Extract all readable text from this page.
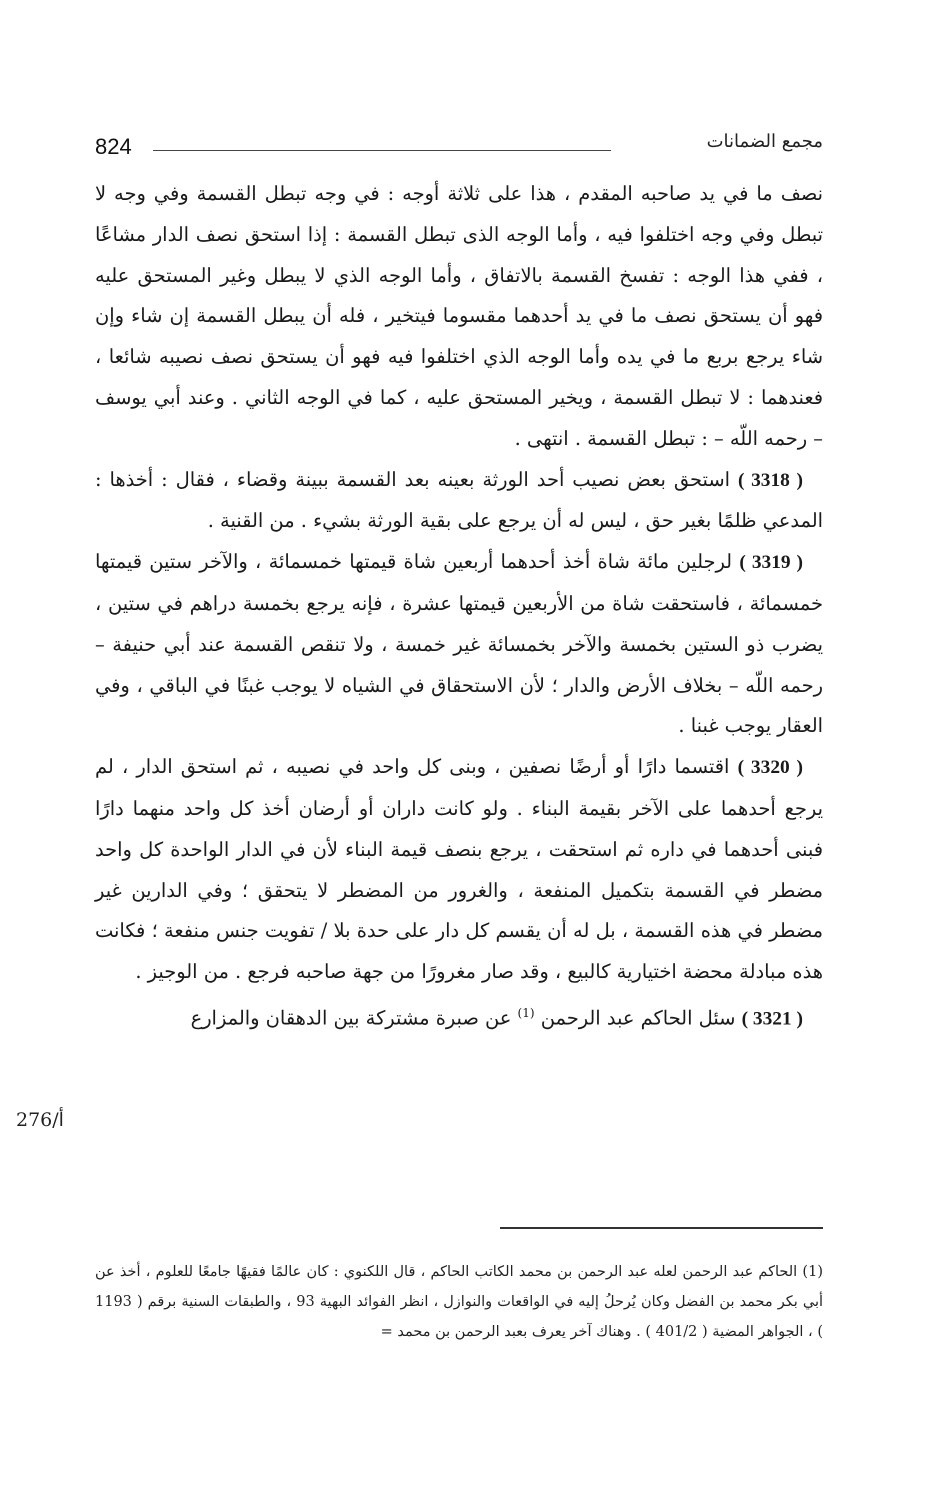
824	مجمع الضمانات

نصف ما في يد صاحبه المقدم ، هذا على ثلاثة أوجه : في وجه تبطل القسمة وفي وجه لا تبطل وفي وجه اختلفوا فيه ، وأما الوجه الذى تبطل القسمة : إذا استحق نصف الدار مشاعًا ، ففي هذا الوجه : تفسخ القسمة بالاتفاق ، وأما الوجه الذي لا يبطل وغير المستحق عليه فهو أن يستحق نصف ما في يد أحدهما مقسوما فيتخير ، فله أن يبطل القسمة إن شاء وإن شاء يرجع بربع ما في يده وأما الوجه الذي اختلفوا فيه فهو أن يستحق نصف نصيبه شائعا ، فعندهما : لا تبطل القسمة ، ويخير المستحق عليه ، كما في الوجه الثاني . وعند أبي يوسف – رحمه اللّه – : تبطل القسمة . انتهى .

( 3318 ) استحق بعض نصيب أحد الورثة بعينه بعد القسمة ببينة وقضاء ، فقال : أخذها : المدعي ظلمًا بغير حق ، ليس له أن يرجع على بقية الورثة بشيء . من القنية .

( 3319 ) لرجلين مائة شاة أخذ أحدهما أربعين شاة قيمتها خمسمائة ، والآخر ستين قيمتها خمسمائة ، فاستحقت شاة من الأربعين قيمتها عشرة ، فإنه يرجع بخمسة دراهم في ستين ، يضرب ذو الستين بخمسة والآخر بخمسائة غير خمسة ، ولا تنقص القسمة عند أبي حنيفة – رحمه اللّه – بخلاف الأرض والدار ؛ لأن الاستحقاق في الشياه لا يوجب غبنًا في الباقي ، وفي العقار يوجب غبنا .

( 3320 ) اقتسما دارًا أو أرضًا نصفين ، وبنى كل واحد في نصيبه ، ثم استحق الدار ، لم يرجع أحدهما على الآخر بقيمة البناء . ولو كانت داران أو أرضان أخذ كل واحد منهما دارًا فبنى أحدهما في داره ثم استحقت ، يرجع بنصف قيمة البناء لأن في الدار الواحدة كل واحد مضطر في القسمة بتكميل المنفعة ، والغرور من المضطر لا يتحقق ؛ وفي الدارين غير مضطر في هذه القسمة ، بل له أن يقسم كل دار على حدة بلا / تفويت جنس منفعة ؛ فكانت هذه مبادلة محضة اختيارية كالبيع ، وقد صار مغرورًا من جهة صاحبه فرجع . من الوجيز .

( 3321 ) سئل الحاكم عبد الرحمن $^{(1)}$ عن صبرة مشتركة بين الدهقان والمزارع

276/أ

(1) الحاكم عبد الرحمن لعله عبد الرحمن بن محمد الكاتب الحاكم ، قال اللكنوي : كان عالمًا فقيهًا جامعًا للعلوم ، أخذ عن أبي بكر محمد بن الفضل وكان يُرحلُ إليه في الواقعات والنوازل ، انظر الفوائد البهية 93 ، والطبقات السنية برقم ( 1193 ) ، الجواهر المضية ( 401/2 ) . وهناك آخر يعرف بعبد الرحمن بن محمد =
